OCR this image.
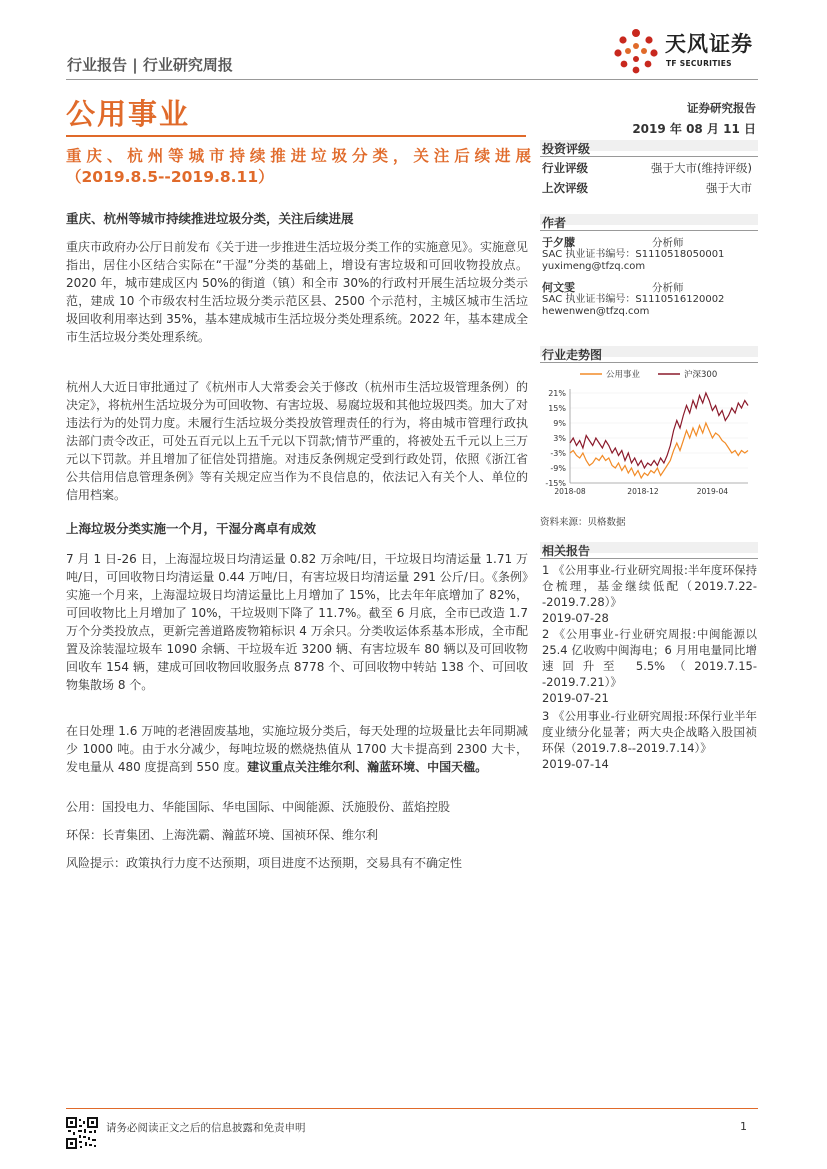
天风证券
TF SECURITIES
行业报告 | 行业研究周报
公用事业	证券研究报告
2019 年 08 月 11 日
重庆、杭州等城市持续推进垃圾分类，关注后续进展
（2019.8.5--2019.8.11）
重庆、杭州等城市持续推进垃圾分类，关注后续进展
重庆市政府办公厅日前发布《关于进一步推进生活垃圾分类工作的实施意见》。实施意见指出，居住小区结合实际在“干湿”分类的基础上，增设有害垃圾和可回收物投放点。2020 年，城市建成区内 50%的街道（镇）和全市 30%的行政村开展生活垃圾分类示范，建成 10 个市级农村生活垃圾分类示范区县、2500 个示范村，主城区城市生活垃圾回收利用率达到 35%，基本建成城市生活垃圾分类处理系统。2022 年，基本建成全市生活垃圾分类处理系统。
杭州人大近日审批通过了《杭州市人大常委会关于修改（杭州市生活垃圾管理条例）的决定》，将杭州生活垃圾分为可回收物、有害垃圾、易腐垃圾和其他垃圾四类。加大了对违法行为的处罚力度。未履行生活垃圾分类投放管理责任的行为，将由城市管理行政执法部门责令改正，可处五百元以上五千元以下罚款;情节严重的，将被处五千元以上三万元以下罚款。并且增加了征信处罚措施。对违反条例规定受到行政处罚，依照《浙江省公共信用信息管理条例》等有关规定应当作为不良信息的，依法记入有关个人、单位的信用档案。
上海垃圾分类实施一个月，干湿分离卓有成效
7 月 1 日-26 日，上海湿垃圾日均清运量 0.82 万余吨/日，干垃圾日均清运量 1.71 万吨/日，可回收物日均清运量 0.44 万吨/日，有害垃圾日均清运量 291 公斤/日。《条例》实施一个月来，上海湿垃圾日均清运量比上月增加了 15%，比去年年底增加了 82%，可回收物比上月增加了 10%，干垃圾则下降了 11.7%。截至 6 月底，全市已改造 1.7 万个分类投放点，更新完善道路废物箱标识 4 万余只。分类收运体系基本形成，全市配置及涂装湿垃圾车 1090 余辆、干垃圾车近 3200 辆、有害垃圾车 80 辆以及可回收物回收车 154 辆，建成可回收物回收服务点 8778 个、可回收物中转站 138 个、可回收物集散场 8 个。
在日处理 1.6 万吨的老港固废基地，实施垃圾分类后，每天处理的垃圾量比去年同期减少 1000 吨。由于水分减少，每吨垃圾的燃烧热值从 1700 大卡提高到 2300 大卡，发电量从 480 度提高到 550 度。建议重点关注维尔利、瀚蓝环境、中国天楹。
公用：国投电力、华能国际、华电国际、中闽能源、沃施股份、蓝焰控股
环保：长青集团、上海洗霸、瀚蓝环境、国祯环保、维尔利
风险提示：政策执行力度不达预期，项目进度不达预期，交易具有不确定性
投资评级
行业评级	强于大市(维持评级)
上次评级	强于大市
作者
于夕朦	分析师
SAC 执业证书编号：S1110518050001
yuximeng@tfzq.com
何文雯	分析师
SAC 执业证书编号：S1110516120002
hewenwen@tfzq.com
行业走势图
21%
15%
9%
3%
-3%
-9%
-15%
2018-08	2018-12	2019-04
公用事业	沪深300
资料来源：贝格数据
相关报告
1 《公用事业-行业研究周报:半年度环保持仓梳理，基金继续低配（2019.7.22--2019.7.28）》
2019-07-28
2 《公用事业-行业研究周报:中闽能源以 25.4 亿收购中闽海电；6 月用电量同比增速回升至 5.5%（2019.7.15--2019.7.21）》
2019-07-21
3 《公用事业-行业研究周报:环保行业半年度业绩分化显著；两大央企战略入股国祯环保（2019.7.8--2019.7.14）》
2019-07-14
请务必阅读正文之后的信息披露和免责申明	1
